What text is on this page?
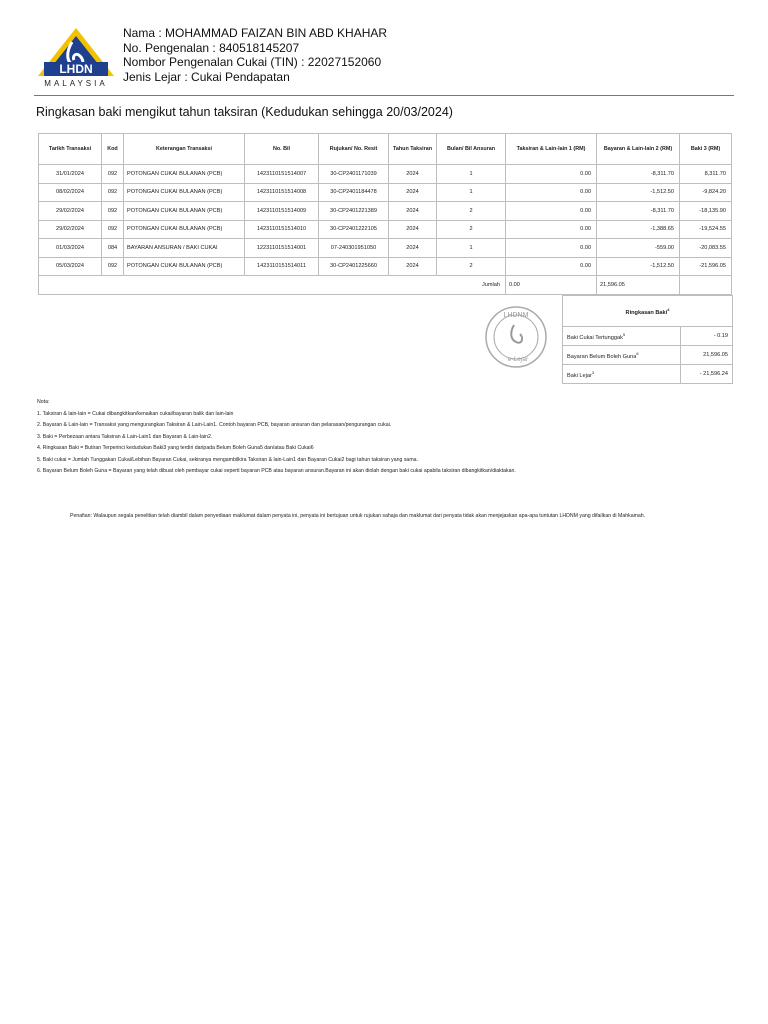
LHDN
MALAYSIA
Nama : MOHAMMAD FAIZAN BIN ABD KHAHAR
No. Pengenalan : 840518145207
Nombor Pengenalan Cukai (TIN) : 22027152060
Jenis Lejar : Cukai Pendapatan
Ringkasan baki mengikut tahun taksiran (Kedudukan sehingga 20/03/2024)
Tarikh Transaksi	Kod	Keterangan Transaksi	No. Bil	Rujukan/ No. Resit	Tahun Taksiran	Bulan/ Bil Ansuran	Taksiran & Lain-lain 1 (RM)	Bayaran & Lain-lain 2 (RM)	Baki 3 (RM)
31/01/2024	092	POTONGAN CUKAI BULANAN (PCB)	1423110151514007	30-CP2401171039	2024	1	0.00	-8,311.70	8,311.70
08/02/2024	092	POTONGAN CUKAI BULANAN (PCB)	1423110151514008	30-CP2401184478	2024	1	0.00	-1,512.50	-9,824.20
29/02/2024	092	POTONGAN CUKAI BULANAN (PCB)	1423110151514009	30-CP2401221389	2024	2	0.00	-8,311.70	-18,135.90
29/02/2024	092	POTONGAN CUKAI BULANAN (PCB)	1423110151514010	30-CP2401222105	2024	2	0.00	-1,388.65	-19,524.55
01/03/2024	084	BAYARAN ANSURAN / BAKI CUKAI	1223110151514001	07-240301951050	2024	1	0.00	-559.00	-20,083.55
05/03/2024	092	POTONGAN CUKAI BULANAN (PCB)	1423110151514011	30-CP2401225660	2024	2	0.00	-1,512.50	-21,596.05
Jumlah							0.00	21,596.05	
LHDNM
e-Lejar
Ringkasan Baki$^4$
Baki Cukai Tertunggak$^5$	- 0.19
Bayaran Belum Boleh Guna$^6$	21,596.05
Baki Lejar$^3$	- 21,596.24
Nota:
1. Taksiran & lain-lain = Cukai dibangkitkan/kenaikan cukai/bayaran balik dan lain-lain
2. Bayaran & Lain-lain = Transaksi yang mengurangkan Taksiran & Lain-Lain1. Contoh bayaran PCB, bayaran ansuran dan pelarasan/pengurangan cukai.
3. Baki = Perbezaan antara Taksiran & Lain-Lain1 dan Bayaran & Lain-lain2.
4. Ringkasan Baki = Butiran Terperinci kedudukan Baki3 yang terdiri daripada Belum Boleh Guna5 dan/atau Baki Cukai6
5. Baki cukai = Jumlah Tunggakan Cukai/Lebihan Bayaran Cukai, sekiranya mengambilkira Taksiran & lain-Lain1 dan Bayaran Cukai2 bagi tahun taksiran yang sama.
6. Bayaran Belum Boleh Guna = Bayaran yang telah dibuat oleh pembayar cukai seperti bayaran PCB atau bayaran ansuran.Bayaran ini akan diolah dengan baki cukai apabila taksiran dibangkitkan/diaktakan.
Penafian: Walaupun segala penelitian telah diambil dalam penyediaan maklumat dalam penyata ini, penyata ini bertujuan untuk rujukan sahaja dan maklumat dari penyata tidak akan menjejaskan apa-apa tuntutan LHDNM yang difailkan di Mahkamah.
